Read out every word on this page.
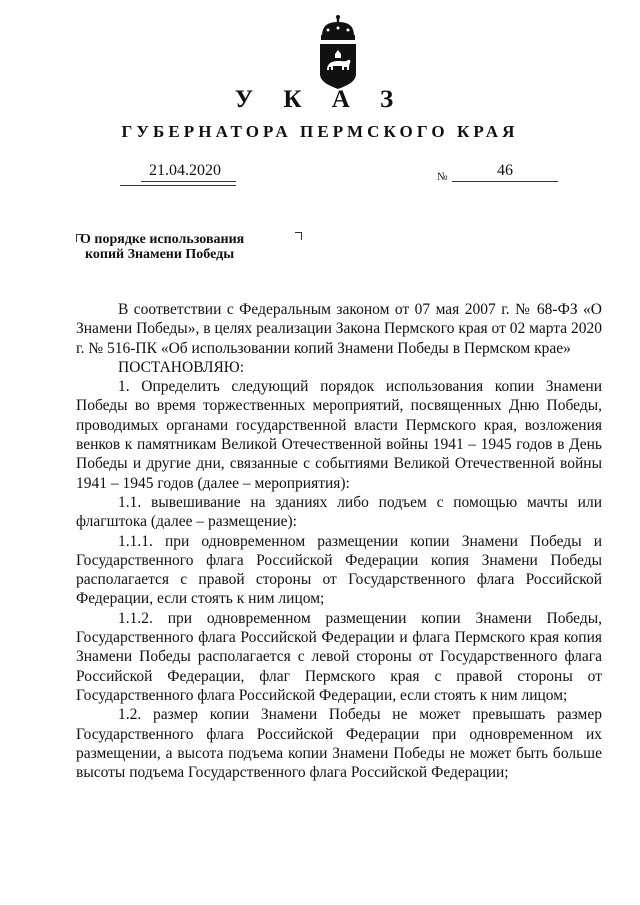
У К А З
ГУБЕРНАТОРА ПЕРМСКОГО КРАЯ
21.04.2020	№	46
О порядке использования
копий Знамени Победы

В соответствии с Федеральным законом от 07 мая 2007 г. № 68-ФЗ «О Знамени Победы», в целях реализации Закона Пермского края от 02 марта 2020 г. № 516-ПК «Об использовании копий Знамени Победы в Пермском крае»

ПОСТАНОВЛЯЮ:

1. Определить следующий порядок использования копии Знамени Победы во время торжественных мероприятий, посвященных Дню Победы, проводимых органами государственной власти Пермского края, возложения венков к памятникам Великой Отечественной войны 1941 – 1945 годов в День Победы и другие дни, связанные с событиями Великой Отечественной войны 1941 – 1945 годов (далее – мероприятия):

1.1. вывешивание на зданиях либо подъем с помощью мачты или флагштока (далее – размещение):

1.1.1. при одновременном размещении копии Знамени Победы и Государственного флага Российской Федерации копия Знамени Победы располагается с правой стороны от Государственного флага Российской Федерации, если стоять к ним лицом;

1.1.2. при одновременном размещении копии Знамени Победы, Государственного флага Российской Федерации и флага Пермского края копия Знамени Победы располагается с левой стороны от Государственного флага Российской Федерации, флаг Пермского края с правой стороны от Государственного флага Российской Федерации, если стоять к ним лицом;

1.2. размер копии Знамени Победы не может превышать размер Государственного флага Российской Федерации при одновременном их размещении, а высота подъема копии Знамени Победы не может быть больше высоты подъема Государственного флага Российской Федерации;
